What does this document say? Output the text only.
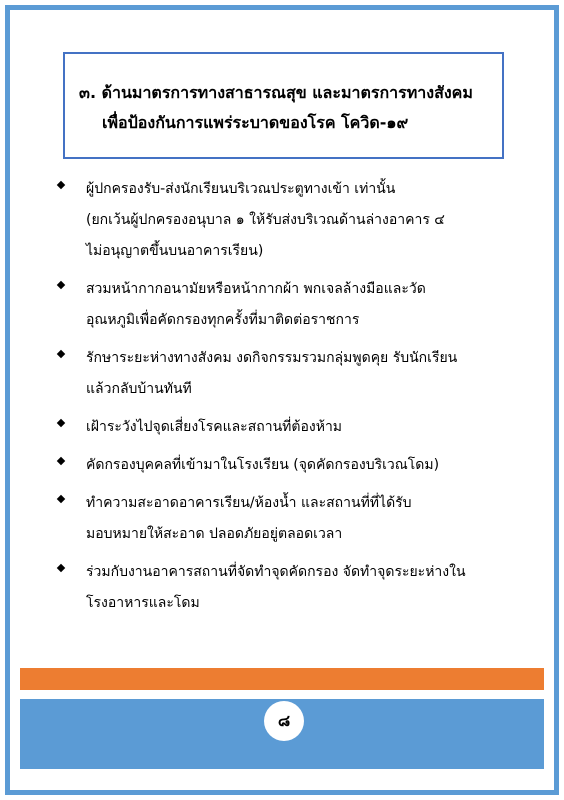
๓. ด้านมาตรการทางสาธารณสุข และมาตรการทางสังคม
เพื่อป้องกันการแพร่ระบาดของโรค โควิด-๑๙
ผู้ปกครองรับ-ส่งนักเรียนบริเวณประตูทางเข้า เท่านั้น
(ยกเว้นผู้ปกครองอนุบาล ๑ ให้รับส่งบริเวณด้านล่างอาคาร ๔
ไม่อนุญาตขึ้นบนอาคารเรียน)
สวมหน้ากากอนามัยหรือหน้ากากผ้า พกเจลล้างมือและวัด
อุณหภูมิเพื่อคัดกรองทุกครั้งที่มาติดต่อราชการ
รักษาระยะห่างทางสังคม งดกิจกรรมรวมกลุ่มพูดคุย รับนักเรียน
แล้วกลับบ้านทันที
เฝ้าระวังไปจุดเสี่ยงโรคและสถานที่ต้องห้าม
คัดกรองบุคคลที่เข้ามาในโรงเรียน (จุดคัดกรองบริเวณโดม)
ทำความสะอาดอาคารเรียน/ห้องน้ำ และสถานที่ที่ได้รับ
มอบหมายให้สะอาด ปลอดภัยอยู่ตลอดเวลา
ร่วมกับงานอาคารสถานที่จัดทำจุดคัดกรอง จัดทำจุดระยะห่างใน
โรงอาหารและโดม
๘
